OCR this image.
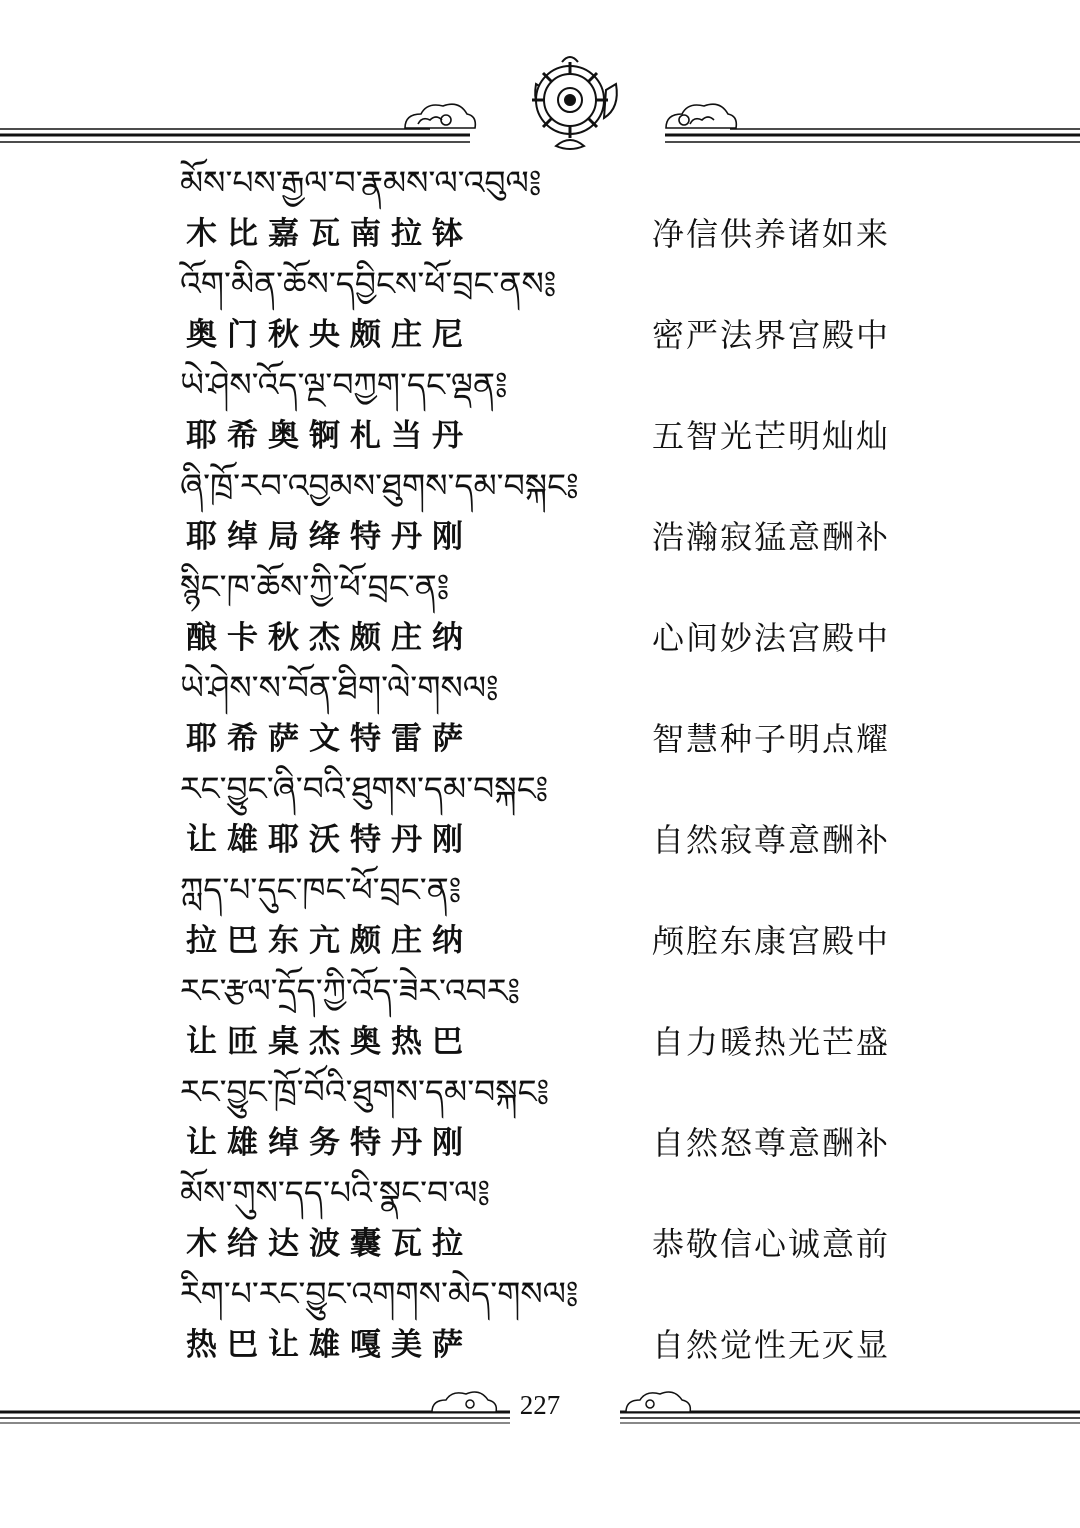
མོས་པས་རྒྱལ་བ་རྣམས་ལ་འབུལ༔
木比嘉瓦南拉钵	净信供养诸如来
འོག་མིན་ཆོས་དབྱིངས་ཕོ་བྲང་ནས༔
奥门秋央颇庄尼	密严法界宫殿中
ཡེ་ཤེས་འོད་ལྔ་བཀྱག་དང་ལྡན༔
耶希奥锕札当丹	五智光芒明灿灿
ཞི་ཁྲོ་རབ་འབྱམས་ཐུགས་དམ་བསྐང༔
耶绰局绛特丹刚	浩瀚寂猛意酬补
སྙིང་ཁ་ཆོས་ཀྱི་ཕོ་བྲང་ན༔
酿卡秋杰颇庄纳	心间妙法宫殿中
ཡེ་ཤེས་ས་བོན་ཐིག་ལེ་གསལ༔
耶希萨文特雷萨	智慧种子明点耀
རང་བྱུང་ཞི་བའི་ཐུགས་དམ་བསྐང༔
让雄耶沃特丹刚	自然寂尊意酬补
ཀླད་པ་དུང་ཁང་ཕོ་བྲང་ན༔
拉巴东亢颇庄纳	颅腔东康宫殿中
རང་རྩལ་དྲོད་ཀྱི་འོད་ཟེར་འབར༔
让匝桌杰奥热巴	自力暖热光芒盛
རང་བྱུང་ཁྲོ་བོའི་ཐུགས་དམ་བསྐང༔
让雄绰务特丹刚	自然怒尊意酬补
མོས་གུས་དད་པའི་སྣང་བ་ལ༔
木给达波囊瓦拉	恭敬信心诚意前
རིག་པ་རང་བྱུང་འགགས་མེད་གསལ༔
热巴让雄嘎美萨	自然觉性无灭显
227
